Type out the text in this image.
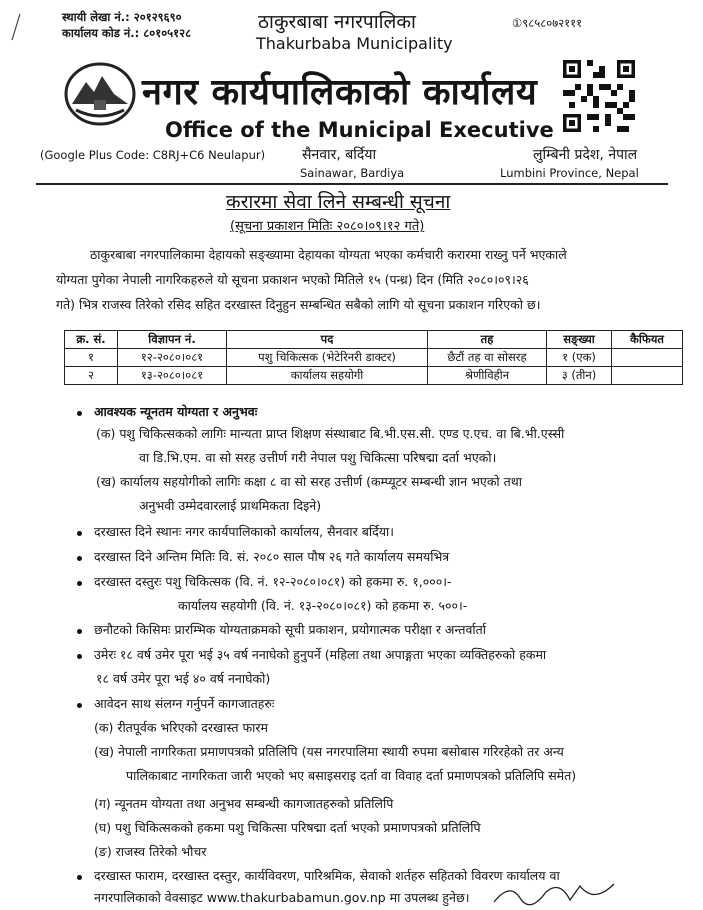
स्थायी लेखा नं.: २०१२९६९०
कार्यालय कोड नं.: ८०१०५१२८
①९८५८०७२१११
ठाकुरबाबा नगरपालिका
Thakurbaba Municipality
नगर कार्यपालिकाको कार्यालय
Office of the Municipal Executive
(Google Plus Code: C8RJ+C6 Neulapur)	सैनवार, बर्दिया
Sainawar, Bardiya
लुम्बिनी प्रदेश, नेपाल
Lumbini Province, Nepal
करारमा सेवा लिने सम्बन्धी सूचना
(सूचना प्रकाशन मितिः २०८०।०९।१२ गते)
ठाकुरबाबा नगरपालिकामा देहायको सङ्ख्यामा देहायका योग्यता भएका कर्मचारी करारमा राख्नु पर्ने भएकाले
योग्यता पुगेका नेपाली नागरिकहरुले यो सूचना प्रकाशन भएको मितिले १५ (पन्ध्र) दिन (मिति २०८०।०९।२६
गते) भित्र राजस्व तिरेको रसिद सहित दरखास्त दिनुहुन सम्बन्धित सबैको लागि यो सूचना प्रकाशन गरिएको छ।
क्र. सं.	विज्ञापन नं.	पद	तह	सङ्ख्या	कैफियत
१	१२-२०८०।०८१	पशु चिकित्सक (भेटेरिनरी डाक्टर)	छैटौं तह वा सोसरह	१ (एक)	
२	१३-२०८०।०८१	कार्यालय सहयोगी	श्रेणीविहीन	३ (तीन)	
आवश्यक न्यूनतम योग्यता र अनुभवः
(क) पशु चिकित्सकको लागिः मान्यता प्राप्त शिक्षण संस्थाबाट बि.भी.एस.सी. एण्ड ए.एच. वा बि.भी.एस्सी
वा डि.भि.एम. वा सो सरह उत्तीर्ण गरी नेपाल पशु चिकित्सा परिषद्मा दर्ता भएको।
(ख) कार्यालय सहयोगीको लागिः कक्षा ८ वा सो सरह उत्तीर्ण (कम्प्यूटर सम्बन्धी ज्ञान भएको तथा
अनुभवी उम्मेदवारलाई प्राथमिकता दिइने)
दरखास्त दिने स्थानः नगर कार्यपालिकाको कार्यालय, सैनवार बर्दिया।
दरखास्त दिने अन्तिम मितिः वि. सं. २०८० साल पौष २६ गते कार्यालय समयभित्र
दरखास्त दस्तुरः पशु चिकित्सक (वि. नं. १२-२०८०।०८१) को हकमा रु. १,०००।-
कार्यालय सहयोगी (वि. नं. १३-२०८०।०८१) को हकमा रु. ५००।-
छनौटको किसिमः प्रारम्भिक योग्यताक्रमको सूची प्रकाशन, प्रयोगात्मक परीक्षा र अन्तर्वार्ता
उमेरः १८ वर्ष उमेर पूरा भई ३५ वर्ष ननाघेको हुनुपर्ने (महिला तथा अपाङ्गता भएका व्यक्तिहरुको हकमा
१८ वर्ष उमेर पूरा भई ४० वर्ष ननाघेको)
आवेदन साथ संलग्न गर्नुपर्ने कागजातहरुः
(क) रीतपूर्वक भरिएको दरखास्त फारम
(ख) नेपाली नागरिकता प्रमाणपत्रको प्रतिलिपि (यस नगरपालिमा स्थायी रुपमा बसोबास गरिरहेको तर अन्य
पालिकाबाट नागरिकता जारी भएको भए बसाइसराइ दर्ता वा विवाह दर्ता प्रमाणपत्रको प्रतिलिपि समेत)
(ग) न्यूनतम योग्यता तथा अनुभव सम्बन्धी कागजातहरुको प्रतिलिपि
(घ) पशु चिकित्सकको हकमा पशु चिकित्सा परिषद्मा दर्ता भएको प्रमाणपत्रको प्रतिलिपि
(ङ) राजस्व तिरेको भौचर
दरखास्त फाराम, दरखास्त दस्तुर, कार्यविवरण, पारिश्रमिक, सेवाको शर्तहरु सहितको विवरण कार्यालय वा
नगरपालिकाको वेवसाइट www.thakurbabamun.gov.np मा उपलब्ध हुनेछ।
